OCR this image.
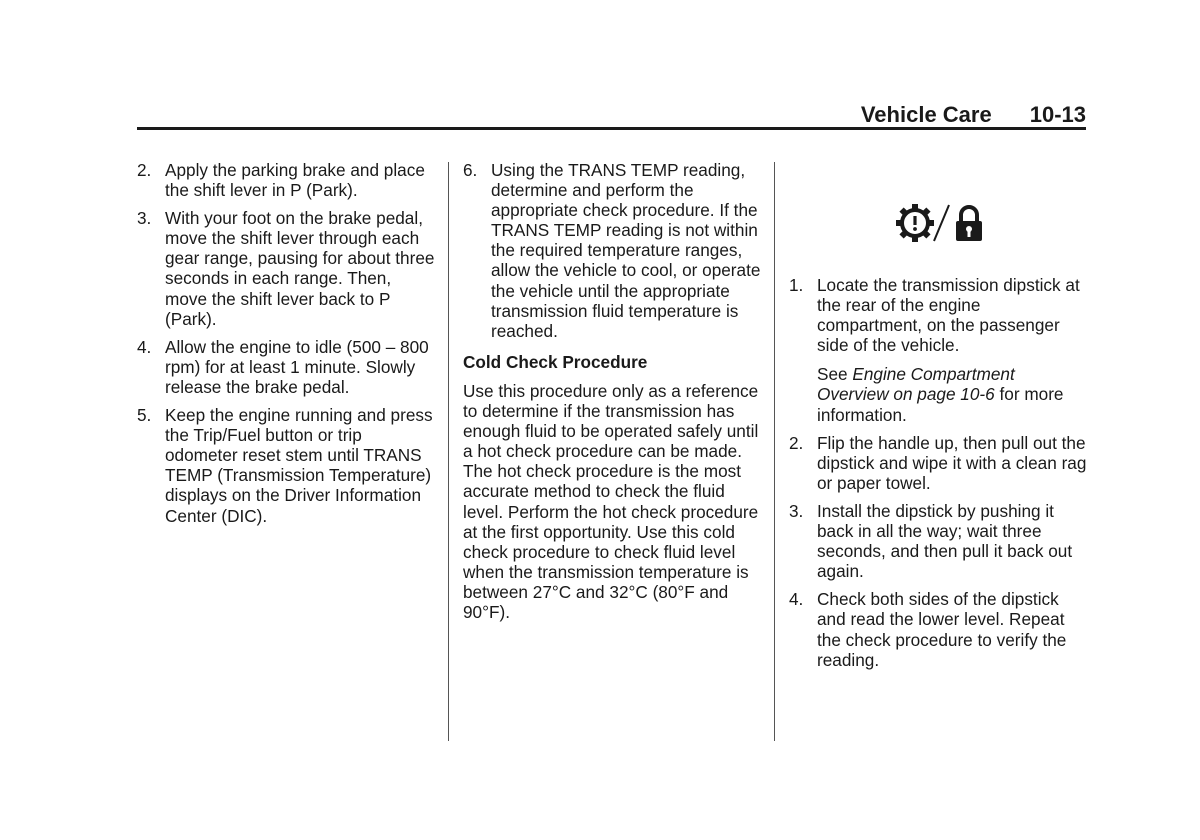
Vehicle Care 10-13
2. Apply the parking brake and place the shift lever in P (Park).
3. With your foot on the brake pedal, move the shift lever through each gear range, pausing for about three seconds in each range. Then, move the shift lever back to P (Park).
4. Allow the engine to idle (500 – 800 rpm) for at least 1 minute. Slowly release the brake pedal.
5. Keep the engine running and press the Trip/Fuel button or trip odometer reset stem until TRANS TEMP (Transmission Temperature) displays on the Driver Information Center (DIC).
6. Using the TRANS TEMP reading, determine and perform the appropriate check procedure. If the TRANS TEMP reading is not within the required temperature ranges, allow the vehicle to cool, or operate the vehicle until the appropriate transmission fluid temperature is reached.
Cold Check Procedure

Use this procedure only as a reference to determine if the transmission has enough fluid to be operated safely until a hot check procedure can be made. The hot check procedure is the most accurate method to check the fluid level. Perform the hot check procedure at the first opportunity. Use this cold check procedure to check fluid level when the transmission temperature is between 27°C and 32°C (80°F and 90°F).

1. Locate the transmission dipstick at the rear of the engine compartment, on the passenger side of the vehicle.
See Engine Compartment Overview on page 10-6 for more information.
2. Flip the handle up, then pull out the dipstick and wipe it with a clean rag or paper towel.
3. Install the dipstick by pushing it back in all the way; wait three seconds, and then pull it back out again.
4. Check both sides of the dipstick and read the lower level. Repeat the check procedure to verify the reading.
